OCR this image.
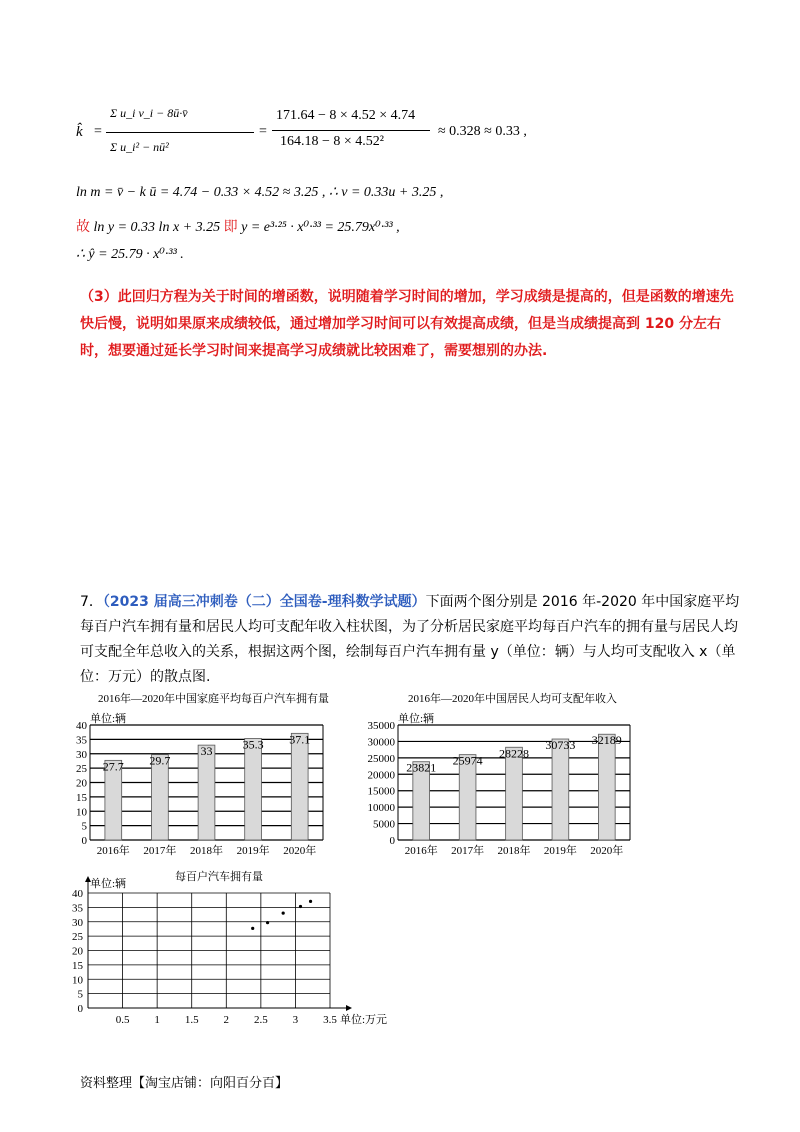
k̂ =
Σ u_i v_i − 8ū·v̄
Σ u_i² − nū²
=
171.64 − 8 × 4.52 × 4.74
164.18 − 8 × 4.52²
≈ 0.328 ≈ 0.33 ,
ln m = v̄ − k ū = 4.74 − 0.33 × 4.52 ≈ 3.25 , ∴ v = 0.33u + 3.25 ,
故 ln y = 0.33 ln x + 3.25 即 y = e³·²⁵ · x⁰·³³ = 25.79x⁰·³³ ,
∴ ŷ = 25.79 · x⁰·³³ .
（3）此回归方程为关于时间的增函数，说明随着学习时间的增加，学习成绩是提高的，但是函数的增速先快后慢，说明如果原来成绩较低，通过增加学习时间可以有效提高成绩，但是当成绩提高到 120 分左右时，想要通过延长学习时间来提高学习成绩就比较困难了，需要想别的办法.
7．（2023 届高三冲刺卷（二）全国卷-理科数学试题）下面两个图分别是 2016 年-2020 年中国家庭平均每百户汽车拥有量和居民人均可支配年收入柱状图，为了分析居民家庭平均每百户汽车的拥有量与居民人均可支配全年总收入的关系，根据这两个图，绘制每百户汽车拥有量 y（单位：辆）与人均可支配收入 x（单位：万元）的散点图.
2016年—2020年中国家庭平均每百户汽车拥有量
单位:辆
27.7 29.7
33	35.3 37.1
0
5
10
15
20
25
30
35
40
2016年 2017年 2018年 2019年 2020年
2016年—2020年中国居民人均可支配年收入
单位:辆
23821
25974
28228
30733 32189
0
5000
10000
15000
20000
25000
30000
35000
2016年 2017年 2018年 2019年 2020年
每百户汽车拥有量
单位:辆
单位:万元
0
5
10
15
20
25
30
35
40
0.5 1 1.5 2 2.5 3 3.5
资料整理【淘宝店铺：向阳百分百】
